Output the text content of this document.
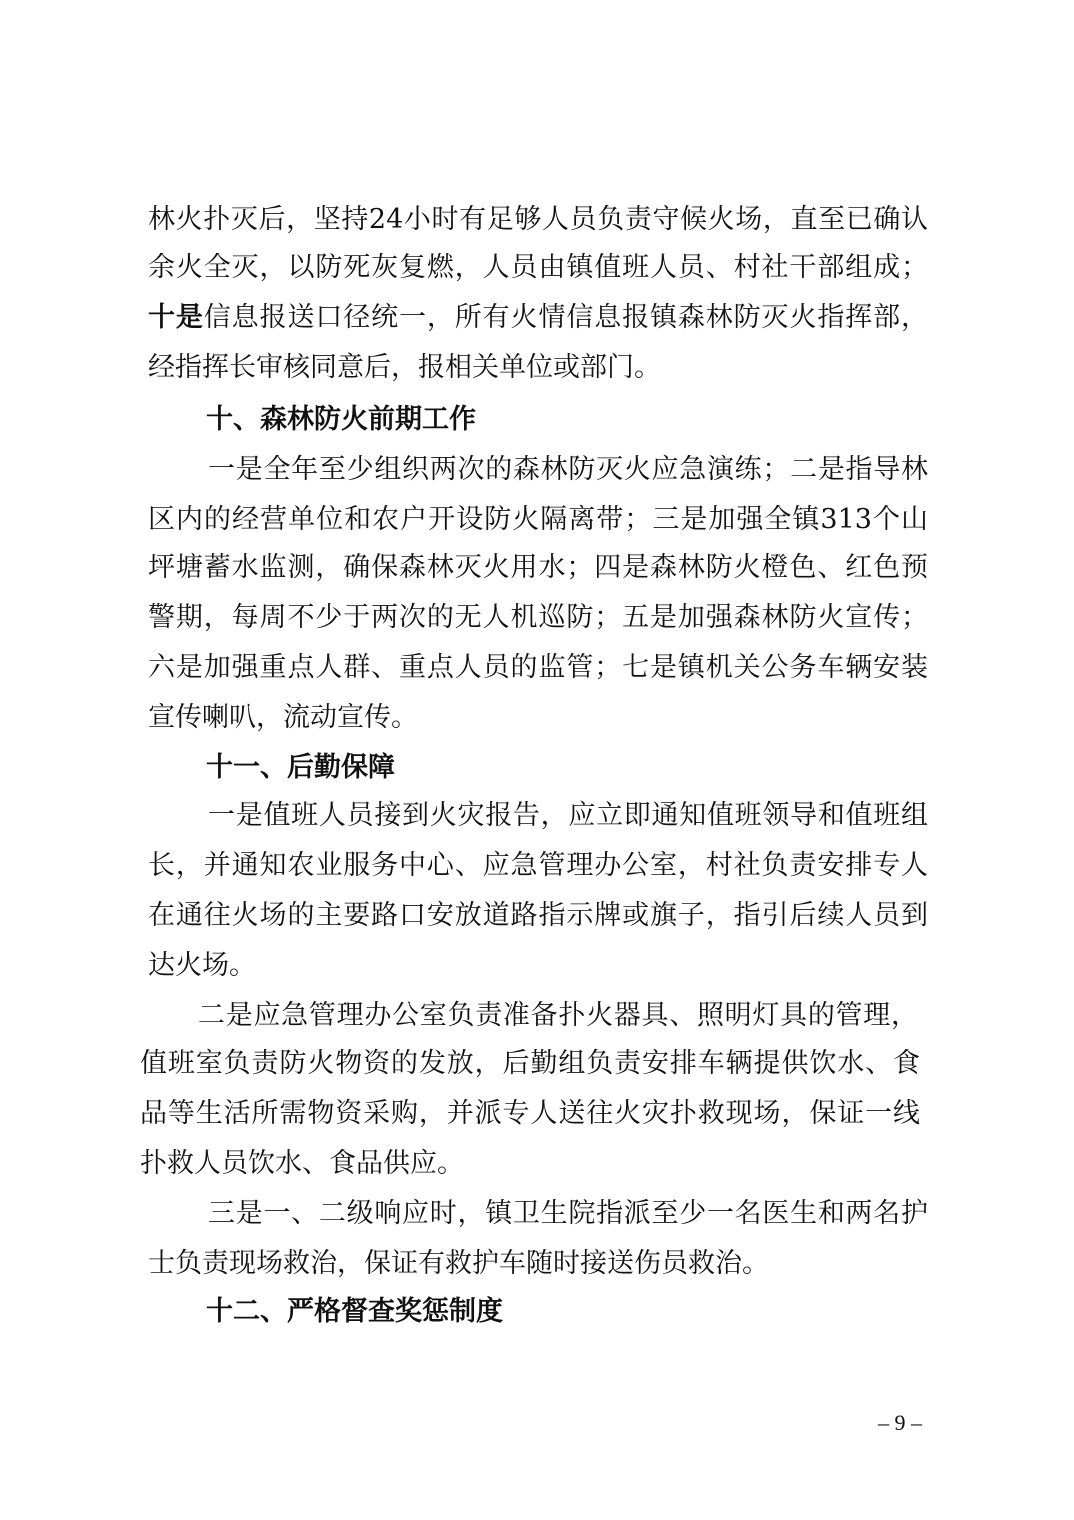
林火扑灭后，坚持24小时有足够人员负责守候火场，直至已确认
余火全灭，以防死灰复燃，人员由镇值班人员、村社干部组成；
十是信息报送口径统一，所有火情信息报镇森林防灭火指挥部，
经指挥长审核同意后，报相关单位或部门。
十、森林防火前期工作
一是全年至少组织两次的森林防灭火应急演练；二是指导林
区内的经营单位和农户开设防火隔离带；三是加强全镇313个山
坪塘蓄水监测，确保森林灭火用水；四是森林防火橙色、红色预
警期，每周不少于两次的无人机巡防；五是加强森林防火宣传；
六是加强重点人群、重点人员的监管；七是镇机关公务车辆安装
宣传喇叭，流动宣传。
十一、后勤保障
一是值班人员接到火灾报告，应立即通知值班领导和值班组
长，并通知农业服务中心、应急管理办公室，村社负责安排专人
在通往火场的主要路口安放道路指示牌或旗子，指引后续人员到
达火场。
二是应急管理办公室负责准备扑火器具、照明灯具的管理，
值班室负责防火物资的发放，后勤组负责安排车辆提供饮水、食
品等生活所需物资采购，并派专人送往火灾扑救现场，保证一线
扑救人员饮水、食品供应。
三是一、二级响应时，镇卫生院指派至少一名医生和两名护
士负责现场救治，保证有救护车随时接送伤员救治。
十二、严格督查奖惩制度
– 9 –
